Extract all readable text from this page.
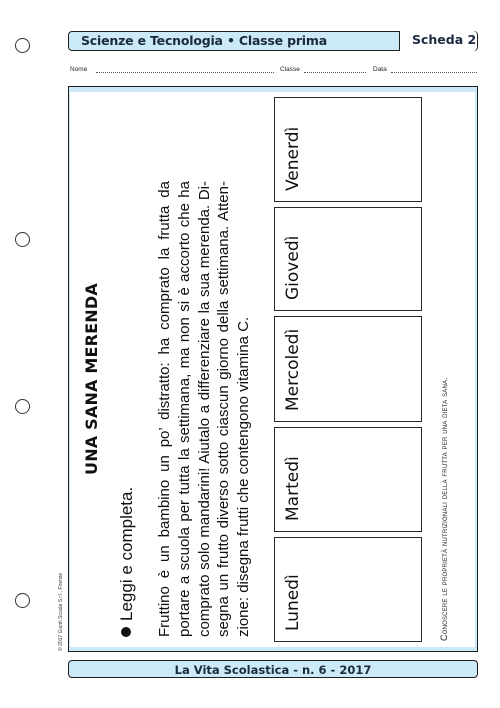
Scienze e Tecnologia • Classe prima	Scheda 2
Nome	Classe	Data
UNA SANA MERENDA
Leggi e completa. Fruttino è un bambino un po’ distratto: ha comprato la frutta da portare a scuola per tutta la settimana, ma non si è accorto che ha comprato solo mandarini! Aiutalo a differenziare la sua merenda. Di- segna un frutto diverso sotto ciascun giorno della settimana. Atten- zione: disegna frutti che contengono vitamina C. Lunedì
Martedì
Mercoledì
Giovedì
Venerdì
Conoscere le proprietà nutrizionali della frutta per una dieta sana.
© 2017 Giunti Scuola S.r.l., Firenze
La Vita Scolastica - n. 6 - 2017
